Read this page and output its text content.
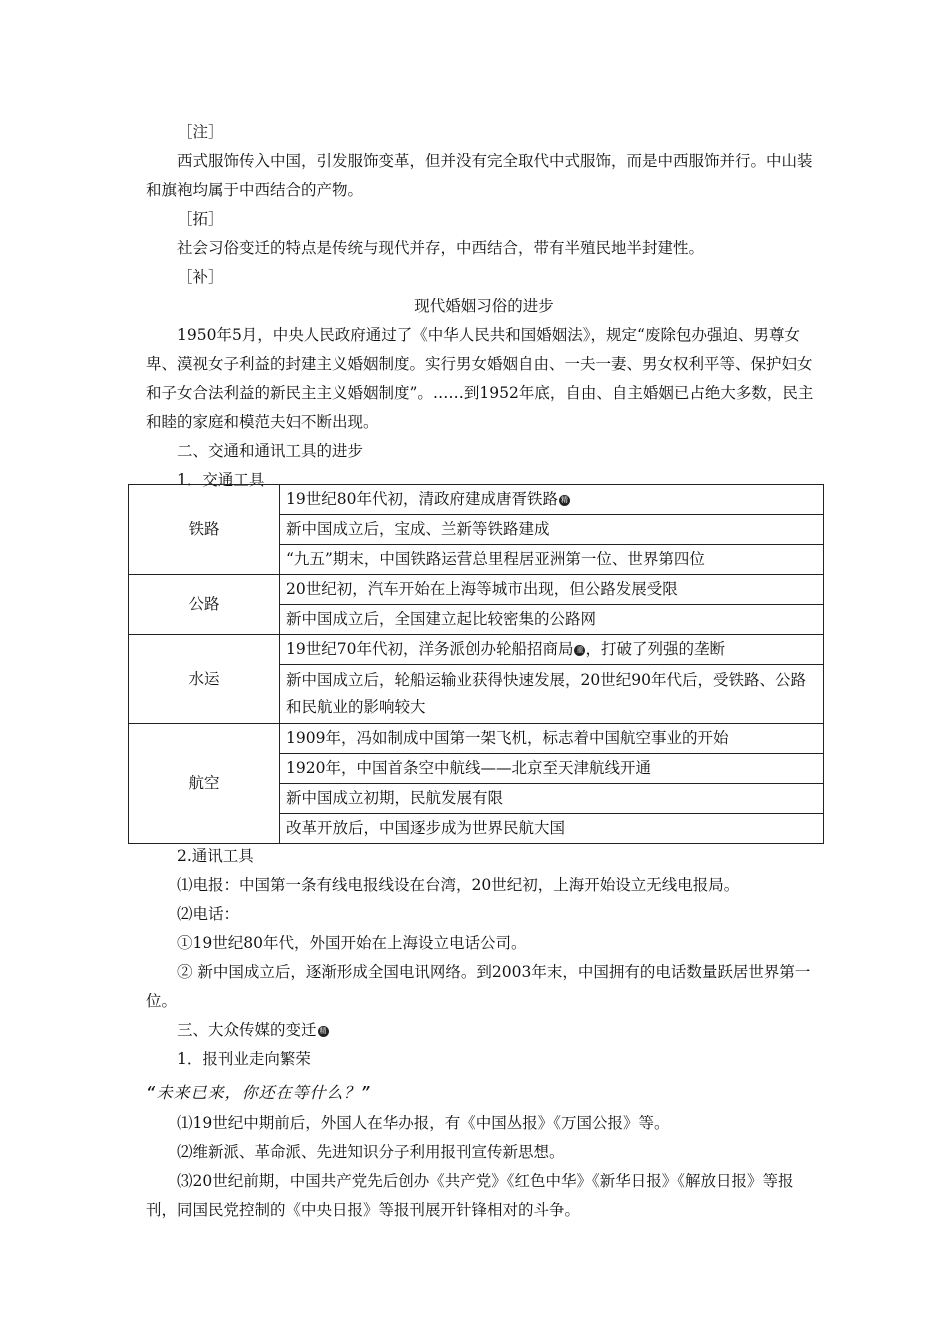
［注］

西式服饰传入中国，引发服饰变革，但并没有完全取代中式服饰，而是中西服饰并行。中山装和旗袍均属于中西结合的产物。

［拓］

社会习俗变迁的特点是传统与现代并存，中西结合，带有半殖民地半封建性。

［补］

现代婚姻习俗的进步

1950年5月，中央人民政府通过了《中华人民共和国婚姻法》，规定“废除包办强迫、男尊女卑、漠视女子利益的封建主义婚姻制度。实行男女婚姻自由、一夫一妻、男女权利平等、保护妇女和子女合法利益的新民主主义婚姻制度”。……到1952年底，自由、自主婚姻已占绝大多数，民主和睦的家庭和模范夫妇不断出现。

二、交通和通讯工具的进步

1．交通工具

铁路	19世纪80年代初，清政府建成唐胥铁路 精
	新中国成立后，宝成、兰新等铁路建成
	“九五”期末，中国铁路运营总里程居亚洲第一位、世界第四位
公路	20世纪初，汽车开始在上海等城市出现，但公路发展受限
	新中国成立后，全国建立起比较密集的公路网
水运	19世纪70年代初，洋务派创办轮船招商局 重 ，打破了列强的垄断
	新中国成立后，轮船运输业获得快速发展，20世纪90年代后，受铁路、公路和民航业的影响较大
航空	1909年，冯如制成中国第一架飞机，标志着中国航空事业的开始
	1920年，中国首条空中航线——北京至天津航线开通
	新中国成立初期，民航发展有限
	改革开放后，中国逐步成为世界民航大国

2.通讯工具

⑴电报：中国第一条有线电报线设在台湾，20世纪初，上海开始设立无线电报局。

⑵电话：

①19世纪80年代，外国开始在上海设立电话公司。

② 新中国成立后，逐渐形成全国电讯网络。到2003年末，中国拥有的电话数量跃居世界第一位。

三、大众传媒的变迁 精

1．报刊业走向繁荣

“未来已来，你还在等什么？”

⑴19世纪中期前后，外国人在华办报，有《中国丛报》《万国公报》等。

⑵维新派、革命派、先进知识分子利用报刊宣传新思想。

⑶20世纪前期，中国共产党先后创办《共产党》《红色中华》《新华日报》《解放日报》等报刊，同国民党控制的《中央日报》等报刊展开针锋相对的斗争。
